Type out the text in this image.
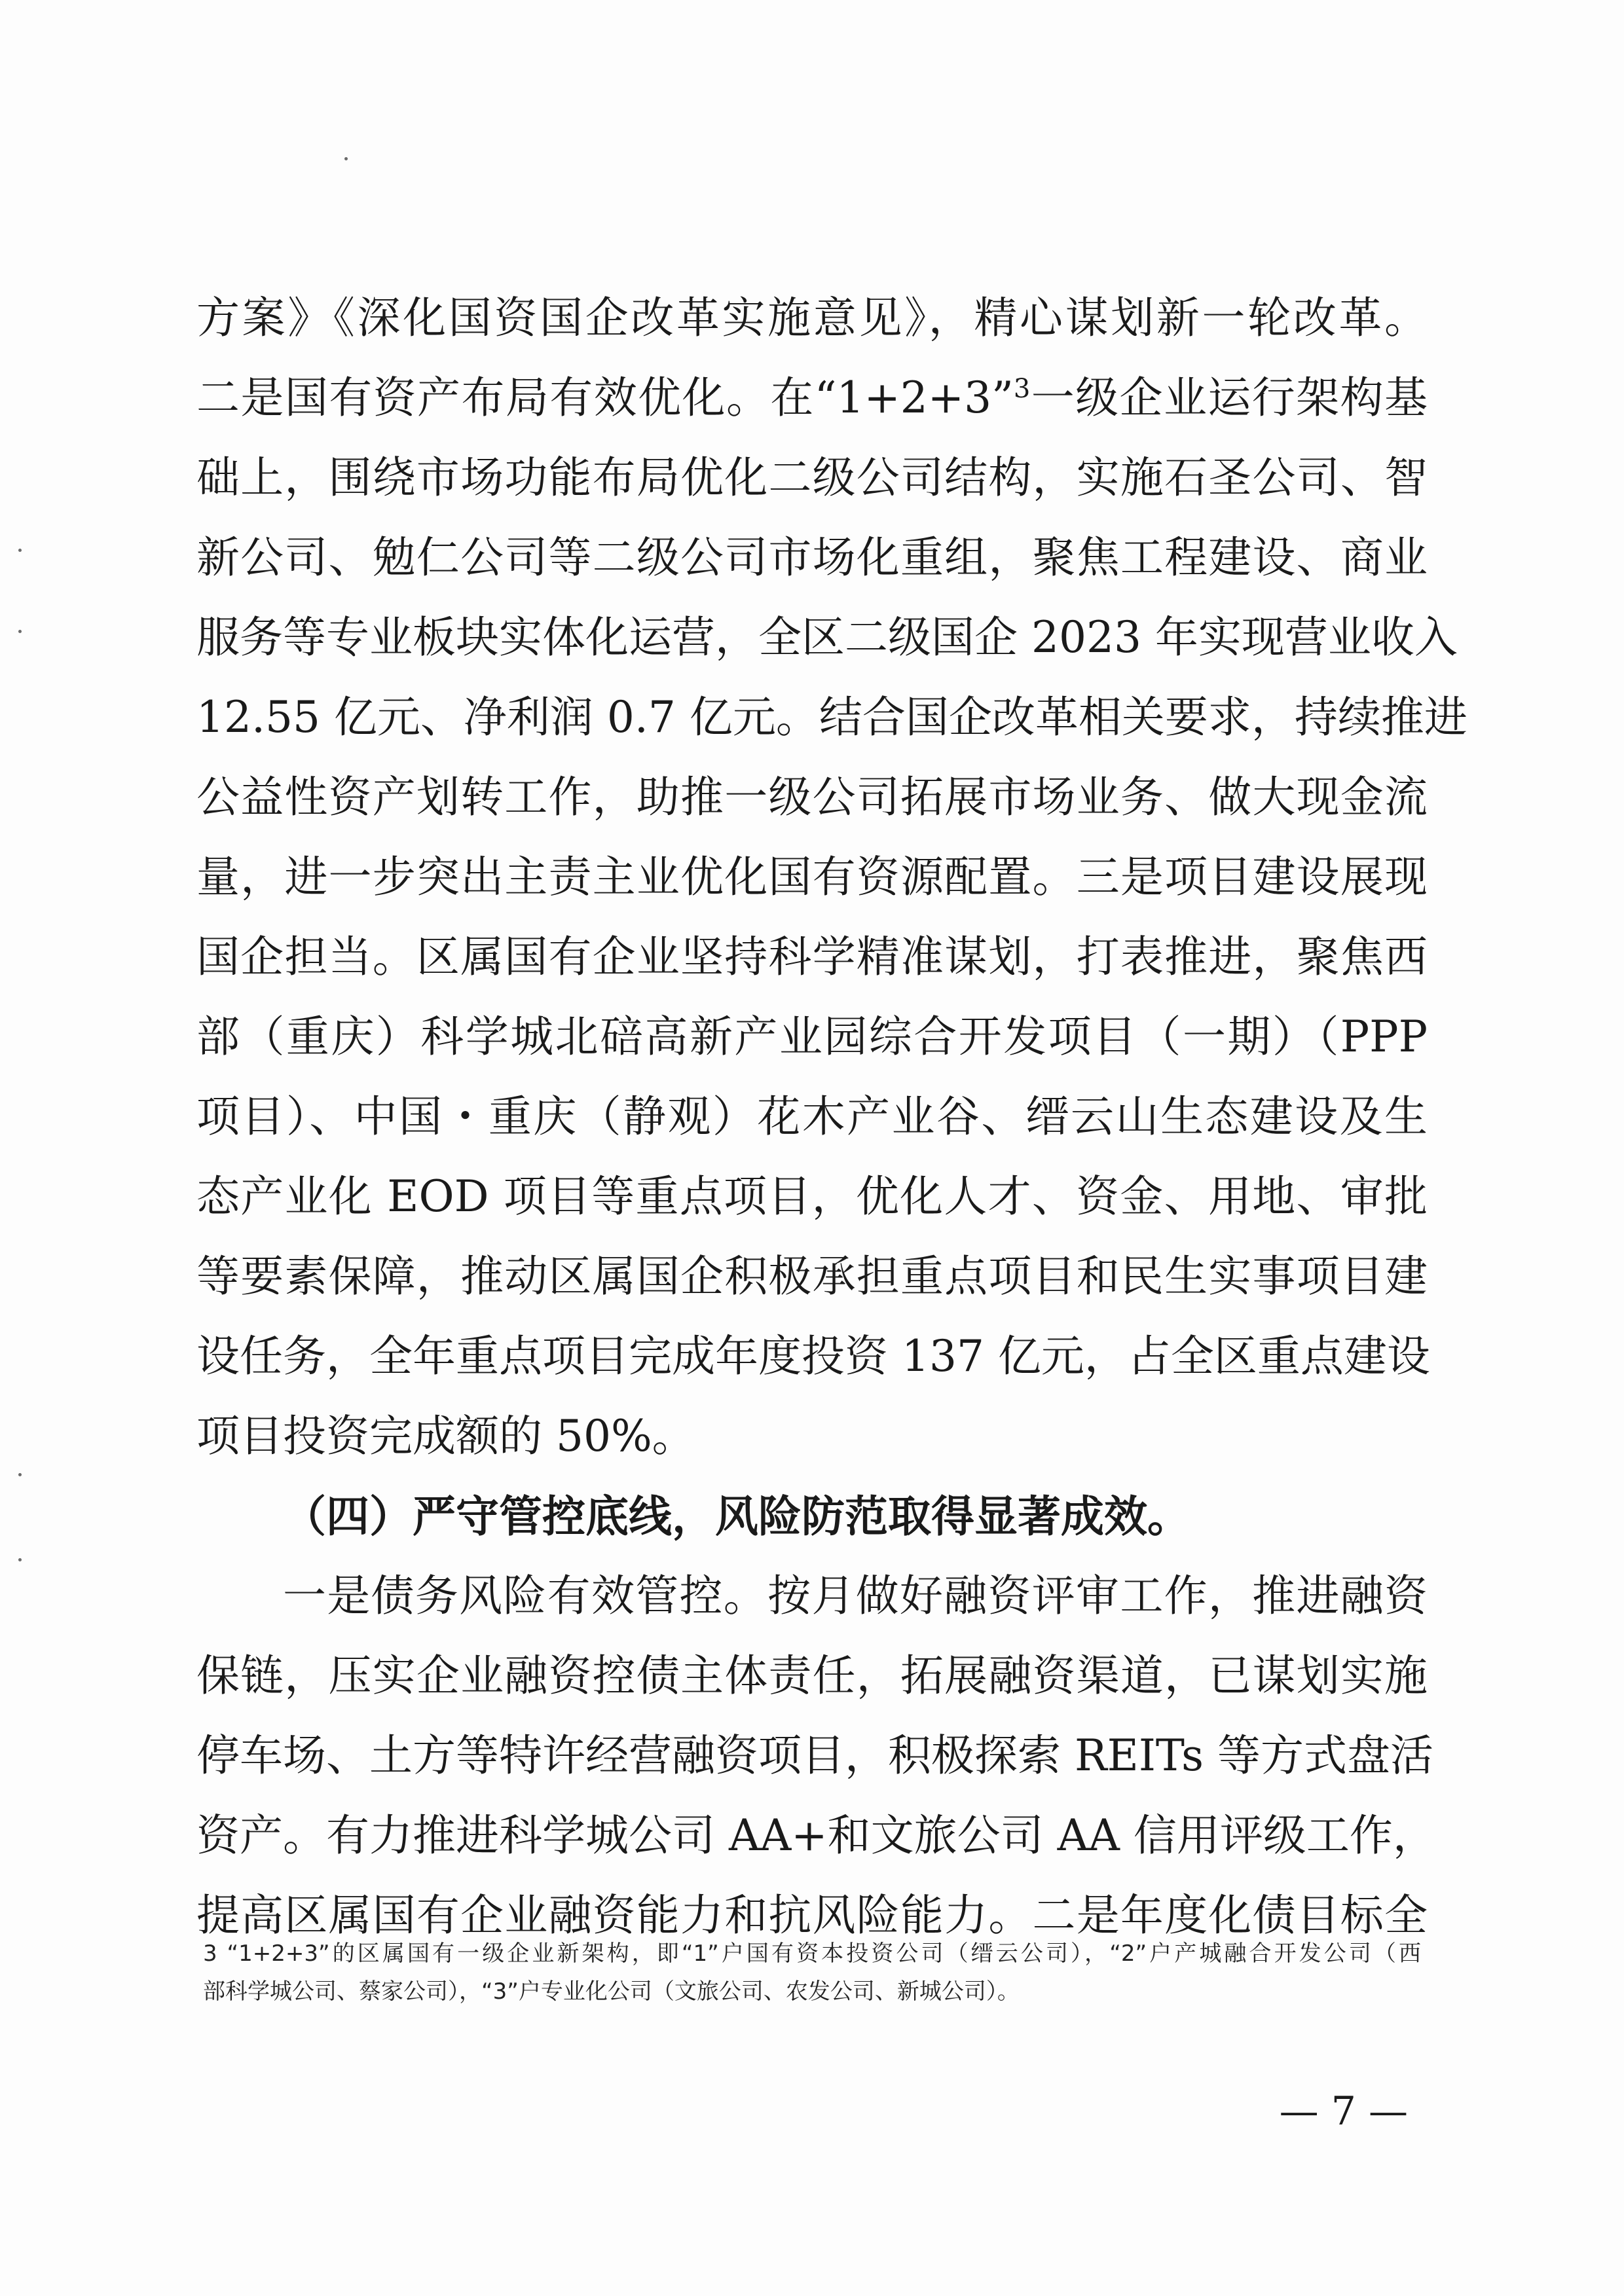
方案》《深化国资国企改革实施意见》，精心谋划新一轮改革。
二是国有资产布局有效优化。在“1+2+3”$^3$一级企业运行架构基
础上，围绕市场功能布局优化二级公司结构，实施石圣公司、智
新公司、勉仁公司等二级公司市场化重组，聚焦工程建设、商业
服务等专业板块实体化运营，全区二级国企 2023 年实现营业收入
12.55 亿元、净利润 0.7 亿元。结合国企改革相关要求，持续推进
公益性资产划转工作，助推一级公司拓展市场业务、做大现金流
量，进一步突出主责主业优化国有资源配置。三是项目建设展现
国企担当。区属国有企业坚持科学精准谋划，打表推进，聚焦西
部（重庆）科学城北碚高新产业园综合开发项目（一期）（PPP
项目）、中国・重庆（静观）花木产业谷、缙云山生态建设及生
态产业化 EOD 项目等重点项目，优化人才、资金、用地、审批
等要素保障，推动区属国企积极承担重点项目和民生实事项目建
设任务，全年重点项目完成年度投资 137 亿元，占全区重点建设
项目投资完成额的 50%。
（四）严守管控底线，风险防范取得显著成效。
一是债务风险有效管控。按月做好融资评审工作，推进融资
保链，压实企业融资控债主体责任，拓展融资渠道，已谋划实施
停车场、土方等特许经营融资项目，积极探索 REITs 等方式盘活
资产。有力推进科学城公司 AA+和文旅公司 AA 信用评级工作，
提高区属国有企业融资能力和抗风险能力。二是年度化债目标全
3 “1+2+3”的区属国有一级企业新架构，即“1”户国有资本投资公司（缙云公司），“2”户产城融合开发公司（西
部科学城公司、蔡家公司），“3”户专业化公司（文旅公司、农发公司、新城公司）。
— 7 —
